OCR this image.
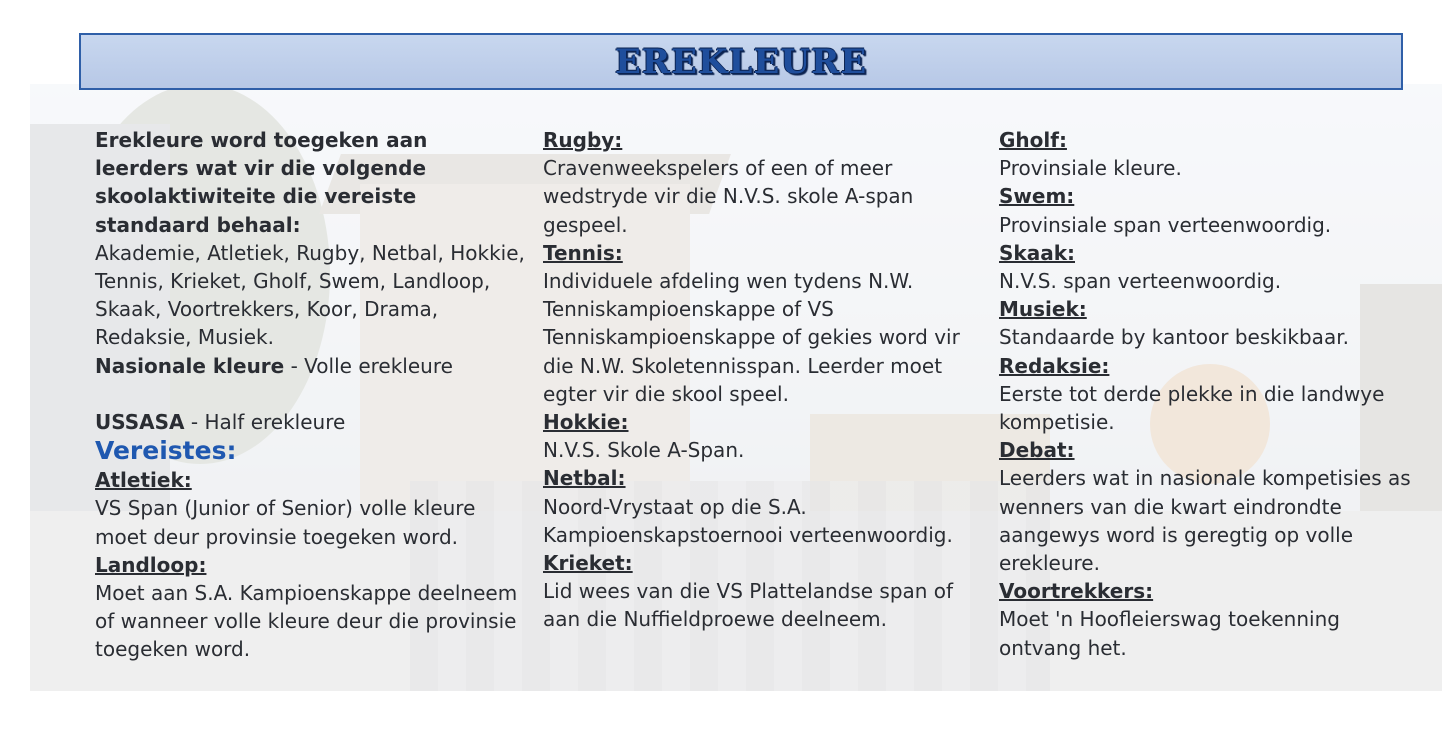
EREKLEURE
Erekleure word toegeken aan leerders wat vir die volgende skoolaktiwiteite die vereiste standaard behaal:
Akademie, Atletiek, Rugby, Netbal, Hokkie, Tennis, Krieket, Gholf, Swem, Landloop, Skaak, Voortrekkers, Koor, Drama, Redaksie, Musiek.
Nasionale kleure - Volle erekleure
USSASA - Half erekleure
Vereistes:
Atletiek:
VS Span (Junior of Senior) volle kleure moet deur provinsie toegeken word.
Landloop:
Moet aan S.A. Kampioenskappe deelneem of wanneer volle kleure deur die provinsie toegeken word.
Rugby:
Cravenweekspelers of een of meer wedstryde vir die N.V.S. skole A-span gespeel.
Tennis:
Individuele afdeling wen tydens N.W. Tenniskampioenskappe of VS Tenniskampioenskappe of gekies word vir die N.W. Skoletennisspan. Leerder moet egter vir die skool speel.
Hokkie:
N.V.S. Skole A-Span.
Netbal:
Noord-Vrystaat op die S.A. Kampioenskapstoernooi verteenwoordig.
Krieket:
Lid wees van die VS Plattelandse span of aan die Nuffieldproewe deelneem.
Gholf:
Provinsiale kleure.
Swem:
Provinsiale span verteenwoordig.
Skaak:
N.V.S. span verteenwoordig.
Musiek:
Standaarde by kantoor beskikbaar.
Redaksie:
Eerste tot derde plekke in die landwye kompetisie.
Debat:
Leerders wat in nasionale kompetisies as wenners van die kwart eindrondte aangewys word is geregtig op volle erekleure.
Voortrekkers:
Moet 'n Hoofleierswag toekenning ontvang het.
